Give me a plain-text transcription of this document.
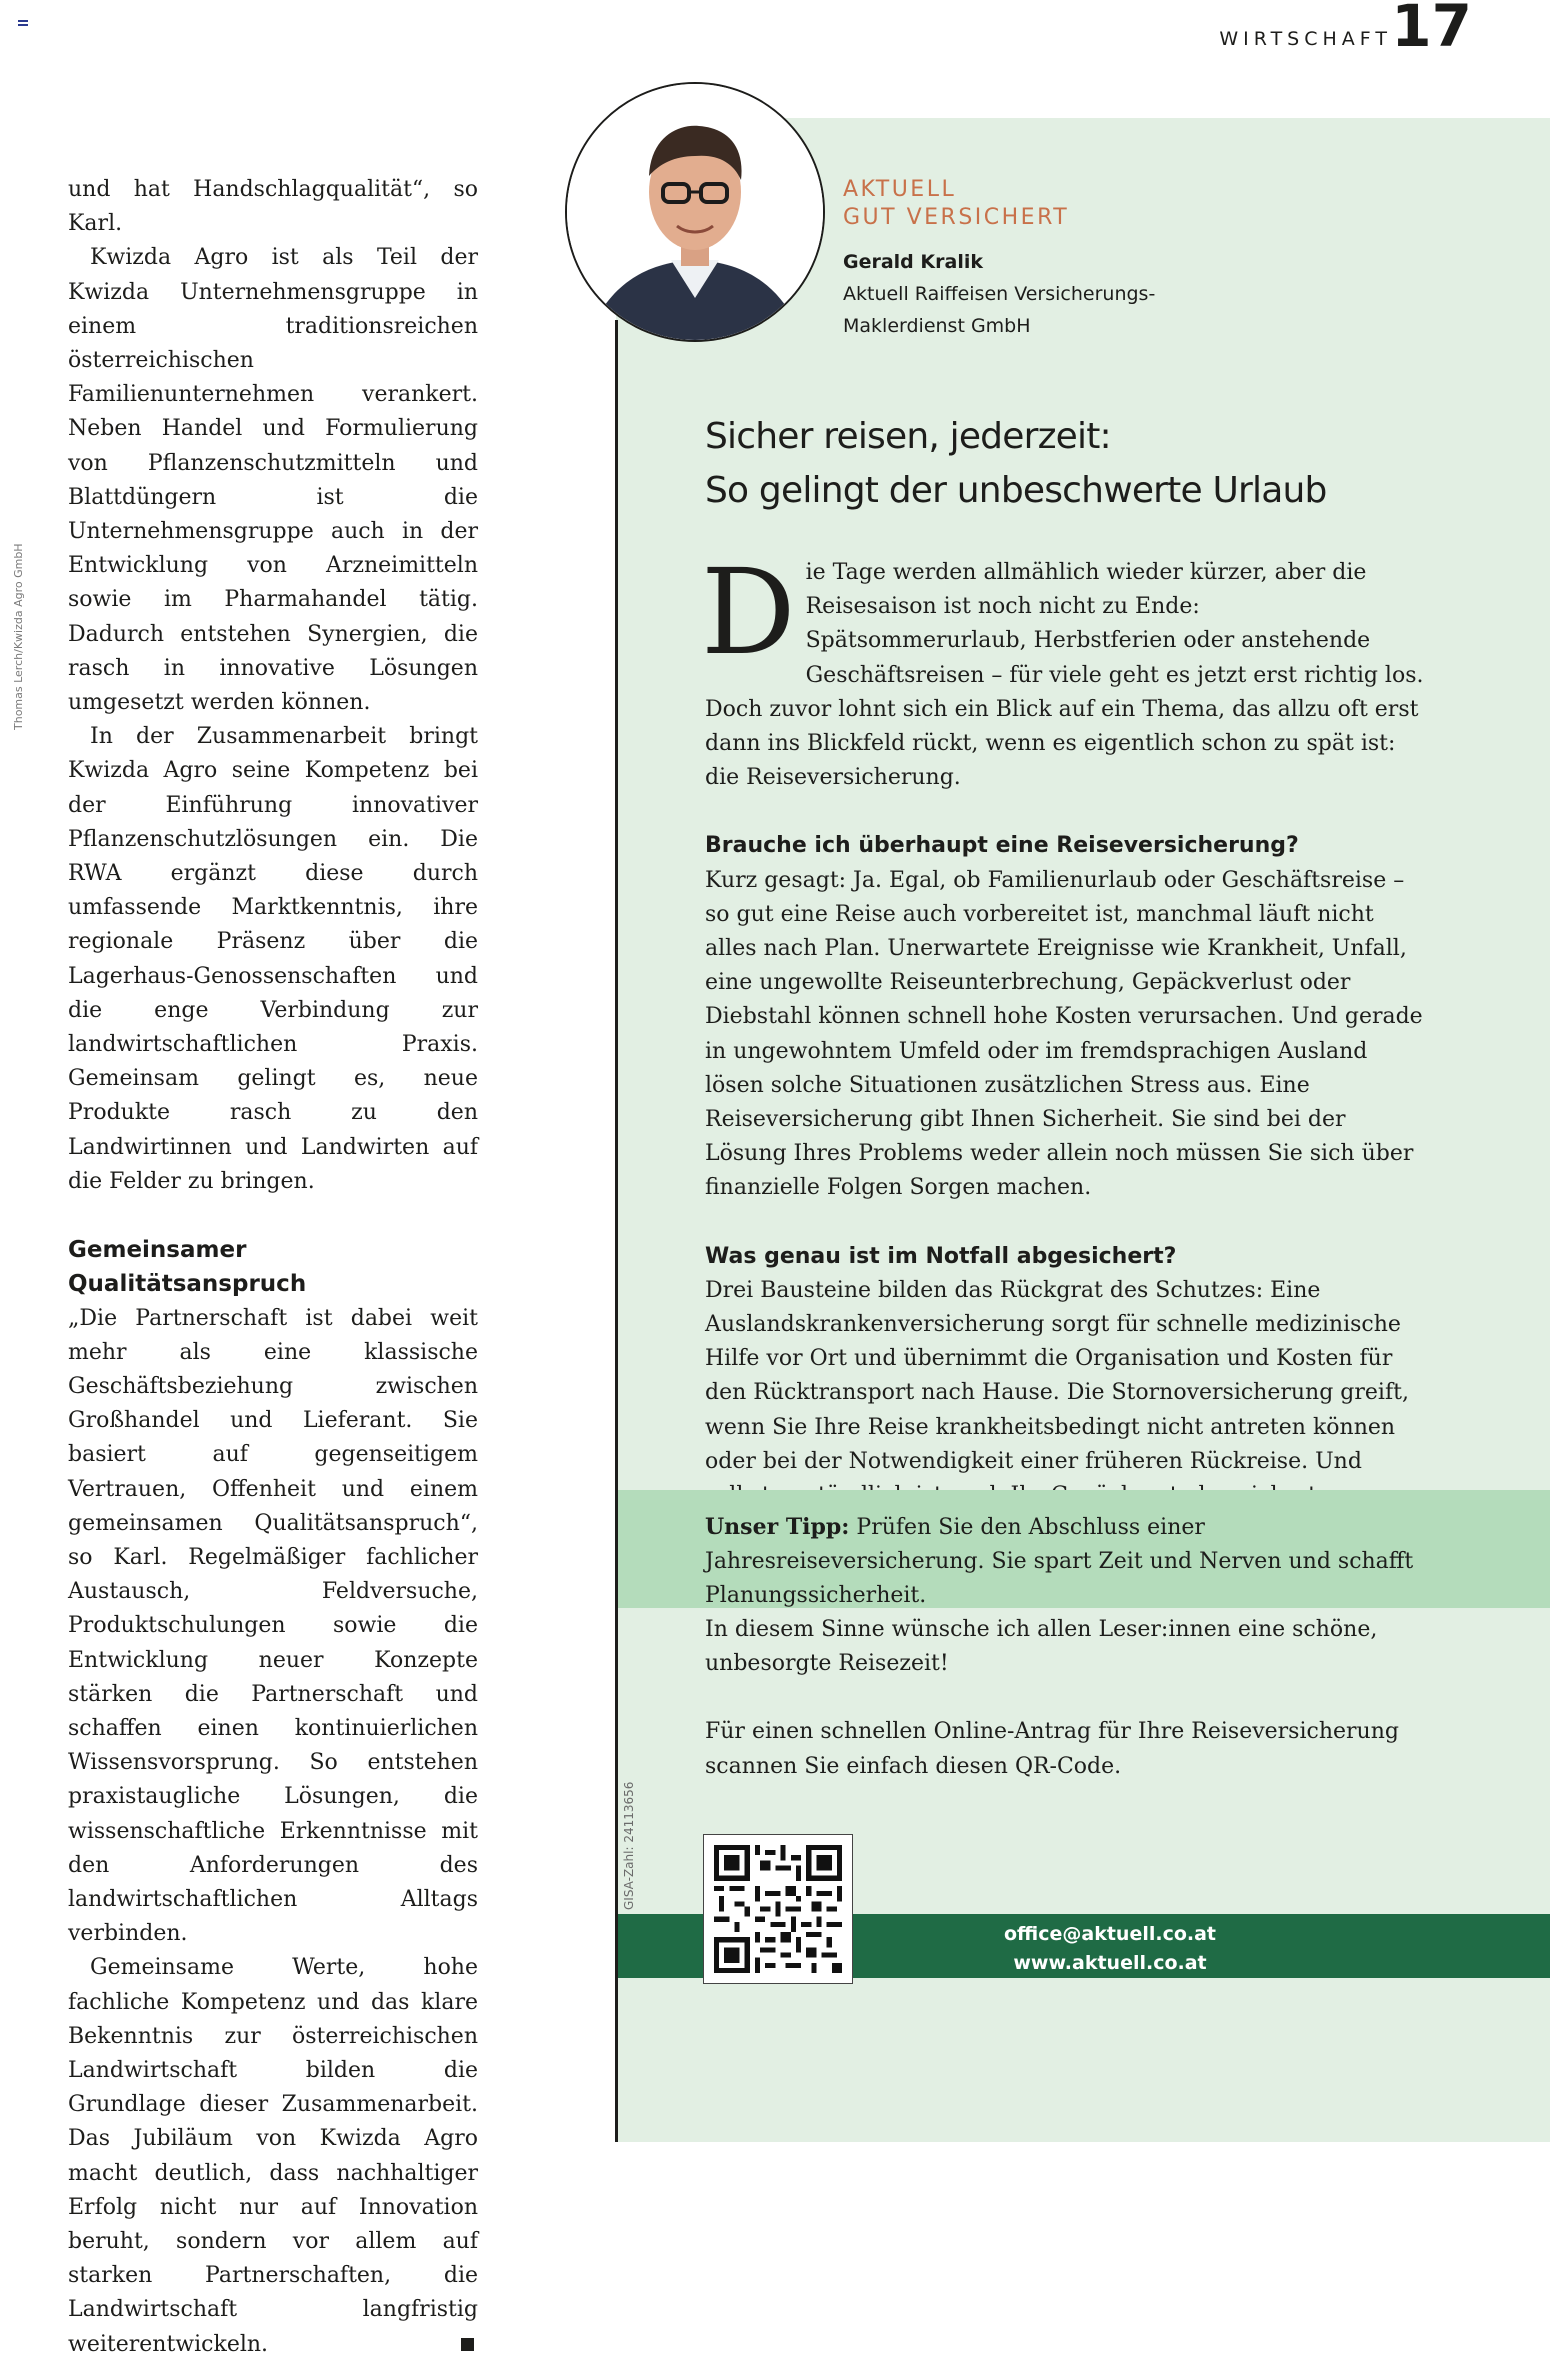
WIRTSCHAFT 17
Thomas Lerch/Kwizda Agro GmbH

und hat Handschlagqualität“, so Karl.

Kwizda Agro ist als Teil der Kwizda Unternehmensgruppe in einem traditionsreichen österreichischen Familienunternehmen verankert. Neben Handel und Formulierung von Pflanzenschutzmitteln und Blattdüngern ist die Unternehmensgruppe auch in der Entwicklung von Arzneimitteln sowie im Pharmahandel tätig. Dadurch entstehen Synergien, die rasch in innovative Lösungen umgesetzt werden können.

In der Zusammenarbeit bringt Kwizda Agro seine Kompetenz bei der Einführung innovativer Pflanzenschutzlösungen ein. Die RWA ergänzt diese durch umfassende Marktkenntnis, ihre regionale Präsenz über die Lagerhaus-Genossenschaften und die enge Verbindung zur landwirtschaftlichen Praxis. Gemeinsam gelingt es, neue Produkte rasch zu den Landwirtinnen und Landwirten auf die Felder zu bringen.

Gemeinsamer Qualitätsanspruch

„Die Partnerschaft ist dabei weit mehr als eine klassische Geschäftsbeziehung zwischen Großhandel und Lieferant. Sie basiert auf gegenseitigem Vertrauen, Offenheit und einem gemeinsamen Qualitätsanspruch“, so Karl. Regelmäßiger fachlicher Austausch, Feldversuche, Produktschulungen sowie die Entwicklung neuer Konzepte stärken die Partnerschaft und schaffen einen kontinuierlichen Wissensvorsprung. So entstehen praxistaugliche Lösungen, die wissenschaftliche Erkenntnisse mit den Anforderungen des landwirtschaftlichen Alltags verbinden.

Gemeinsame Werte, hohe fachliche Kompetenz und das klare Bekenntnis zur österreichischen Landwirtschaft bilden die Grundlage dieser Zusammenarbeit. Das Jubiläum von Kwizda Agro macht deutlich, dass nachhaltiger Erfolg nicht nur auf Innovation beruht, sondern vor allem auf starken Partnerschaften, die Landwirtschaft langfristig weiterentwickeln.

AKTUELL
GUT VERSICHERT
Gerald Kralik
Aktuell Raiffeisen Versicherungs-
Maklerdienst GmbH
Sicher reisen, jederzeit:
So gelingt der unbeschwerte Urlaub

Die Tage werden allmählich wieder kürzer, aber die Reisesaison ist noch nicht zu Ende: Spätsommerurlaub, Herbstferien oder anstehende Geschäftsreisen – für viele geht es jetzt erst richtig los. Doch zuvor lohnt sich ein Blick auf ein Thema, das allzu oft erst dann ins Blickfeld rückt, wenn es eigentlich schon zu spät ist: die Reiseversicherung.

Brauche ich überhaupt eine Reiseversicherung?

Kurz gesagt: Ja. Egal, ob Familienurlaub oder Geschäftsreise – so gut eine Reise auch vorbereitet ist, manchmal läuft nicht alles nach Plan. Unerwartete Ereignisse wie Krankheit, Unfall, eine ungewollte Reiseunterbrechung, Gepäckverlust oder Diebstahl können schnell hohe Kosten verursachen. Und gerade in ungewohntem Umfeld oder im fremdsprachigen Ausland lösen solche Situationen zusätzlichen Stress aus. Eine Reiseversicherung gibt Ihnen Sicherheit. Sie sind bei der Lösung Ihres Problems weder allein noch müssen Sie sich über finanzielle Folgen Sorgen machen.

Was genau ist im Notfall abgesichert?

Drei Bausteine bilden das Rückgrat des Schutzes: Eine Auslandskrankenversicherung sorgt für schnelle medizinische Hilfe vor Ort und übernimmt die Organisation und Kosten für den Rücktransport nach Hause. Die Stornoversicherung greift, wenn Sie Ihre Reise krankheitsbedingt nicht antreten können oder bei der Notwendigkeit einer früheren Rückreise. Und

Unser Tipp: Prüfen Sie den Abschluss einer Jahresreiseversicherung. Sie spart Zeit und Nerven und schafft Planungssicherheit.

In diesem Sinne wünsche ich allen Leser:innen eine schöne, unbesorgte Reisezeit!

Für einen schnellen Online-Antrag für Ihre Reiseversicherung scannen Sie einfach diesen QR-Code.

GISA-Zahl: 24113656
office@aktuell.co.at
www.aktuell.co.at
